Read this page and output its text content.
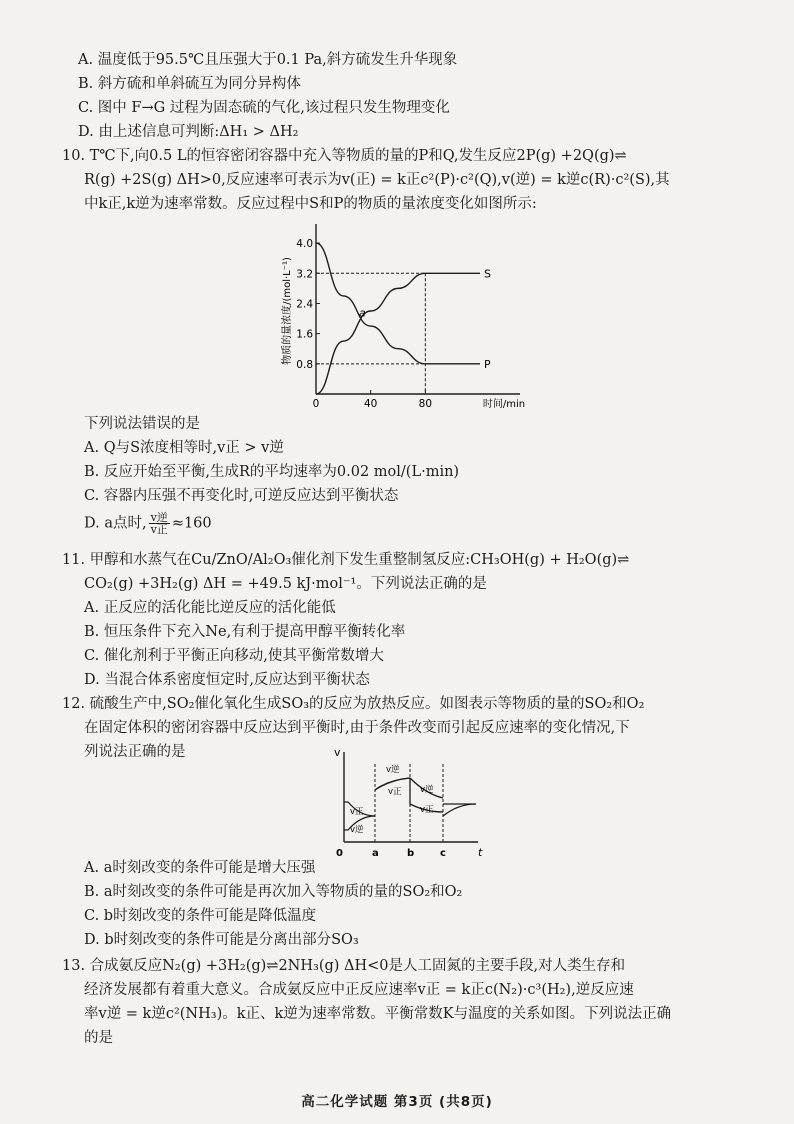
A. 温度低于95.5℃且压强大于0.1 Pa,斜方硫发生升华现象
B. 斜方硫和单斜硫互为同分异构体
C. 图中 F→G 过程为固态硫的气化,该过程只发生物理变化
D. 由上述信息可判断:ΔH₁ > ΔH₂
10. T℃下,向0.5 L的恒容密闭容器中充入等物质的量的P和Q,发生反应2P(g) +2Q(g)⇌
R(g) +2S(g) ΔH>0,反应速率可表示为v(正) = k正c²(P)·c²(Q),v(逆) = k逆c(R)·c²(S),其
中k正,k逆为速率常数。反应过程中S和P的物质的量浓度变化如图所示:
物质的量浓度/(mol·L⁻¹) 0.8
1.6
2.4
3.2
4.0
0	40	80	时间/min
S
P
a
下列说法错误的是
A. Q与S浓度相等时,v正 > v逆
B. 反应开始至平衡,生成R的平均速率为0.02 mol/(L·min)
C. 容器内压强不再变化时,可逆反应达到平衡状态
D. a点时, $\frac{\text{v逆}}{\text{v正}} \approx 160$
11. 甲醇和水蒸气在Cu/ZnO/Al₂O₃催化剂下发生重整制氢反应:CH₃OH(g) + H₂O(g)⇌
CO₂(g) +3H₂(g) ΔH = +49.5 kJ·mol⁻¹。下列说法正确的是
A. 正反应的活化能比逆反应的活化能低
B. 恒压条件下充入Ne,有利于提高甲醇平衡转化率
C. 催化剂利于平衡正向移动,使其平衡常数增大
D. 当混合体系密度恒定时,反应达到平衡状态
12. 硫酸生产中,SO₂催化氧化生成SO₃的反应为放热反应。如图表示等物质的量的SO₂和O₂
在固定体积的密闭容器中反应达到平衡时,由于条件改变而引起反应速率的变化情况,下
列说法正确的是	v
t
0	a	b	c
v正
v逆
v逆
v正 v逆
v正
A. a时刻改变的条件可能是增大压强
B. a时刻改变的条件可能是再次加入等物质的量的SO₂和O₂
C. b时刻改变的条件可能是降低温度
D. b时刻改变的条件可能是分离出部分SO₃
13. 合成氨反应N₂(g) +3H₂(g)⇌2NH₃(g) ΔH<0是人工固氮的主要手段,对人类生存和
经济发展都有着重大意义。合成氨反应中正反应速率v正 = k正c(N₂)·c³(H₂),逆反应速
率v逆 = k逆c²(NH₃)。k正、k逆为速率常数。平衡常数K与温度的关系如图。下列说法正确
的是
高二化学试题 第3页 (共8页)
